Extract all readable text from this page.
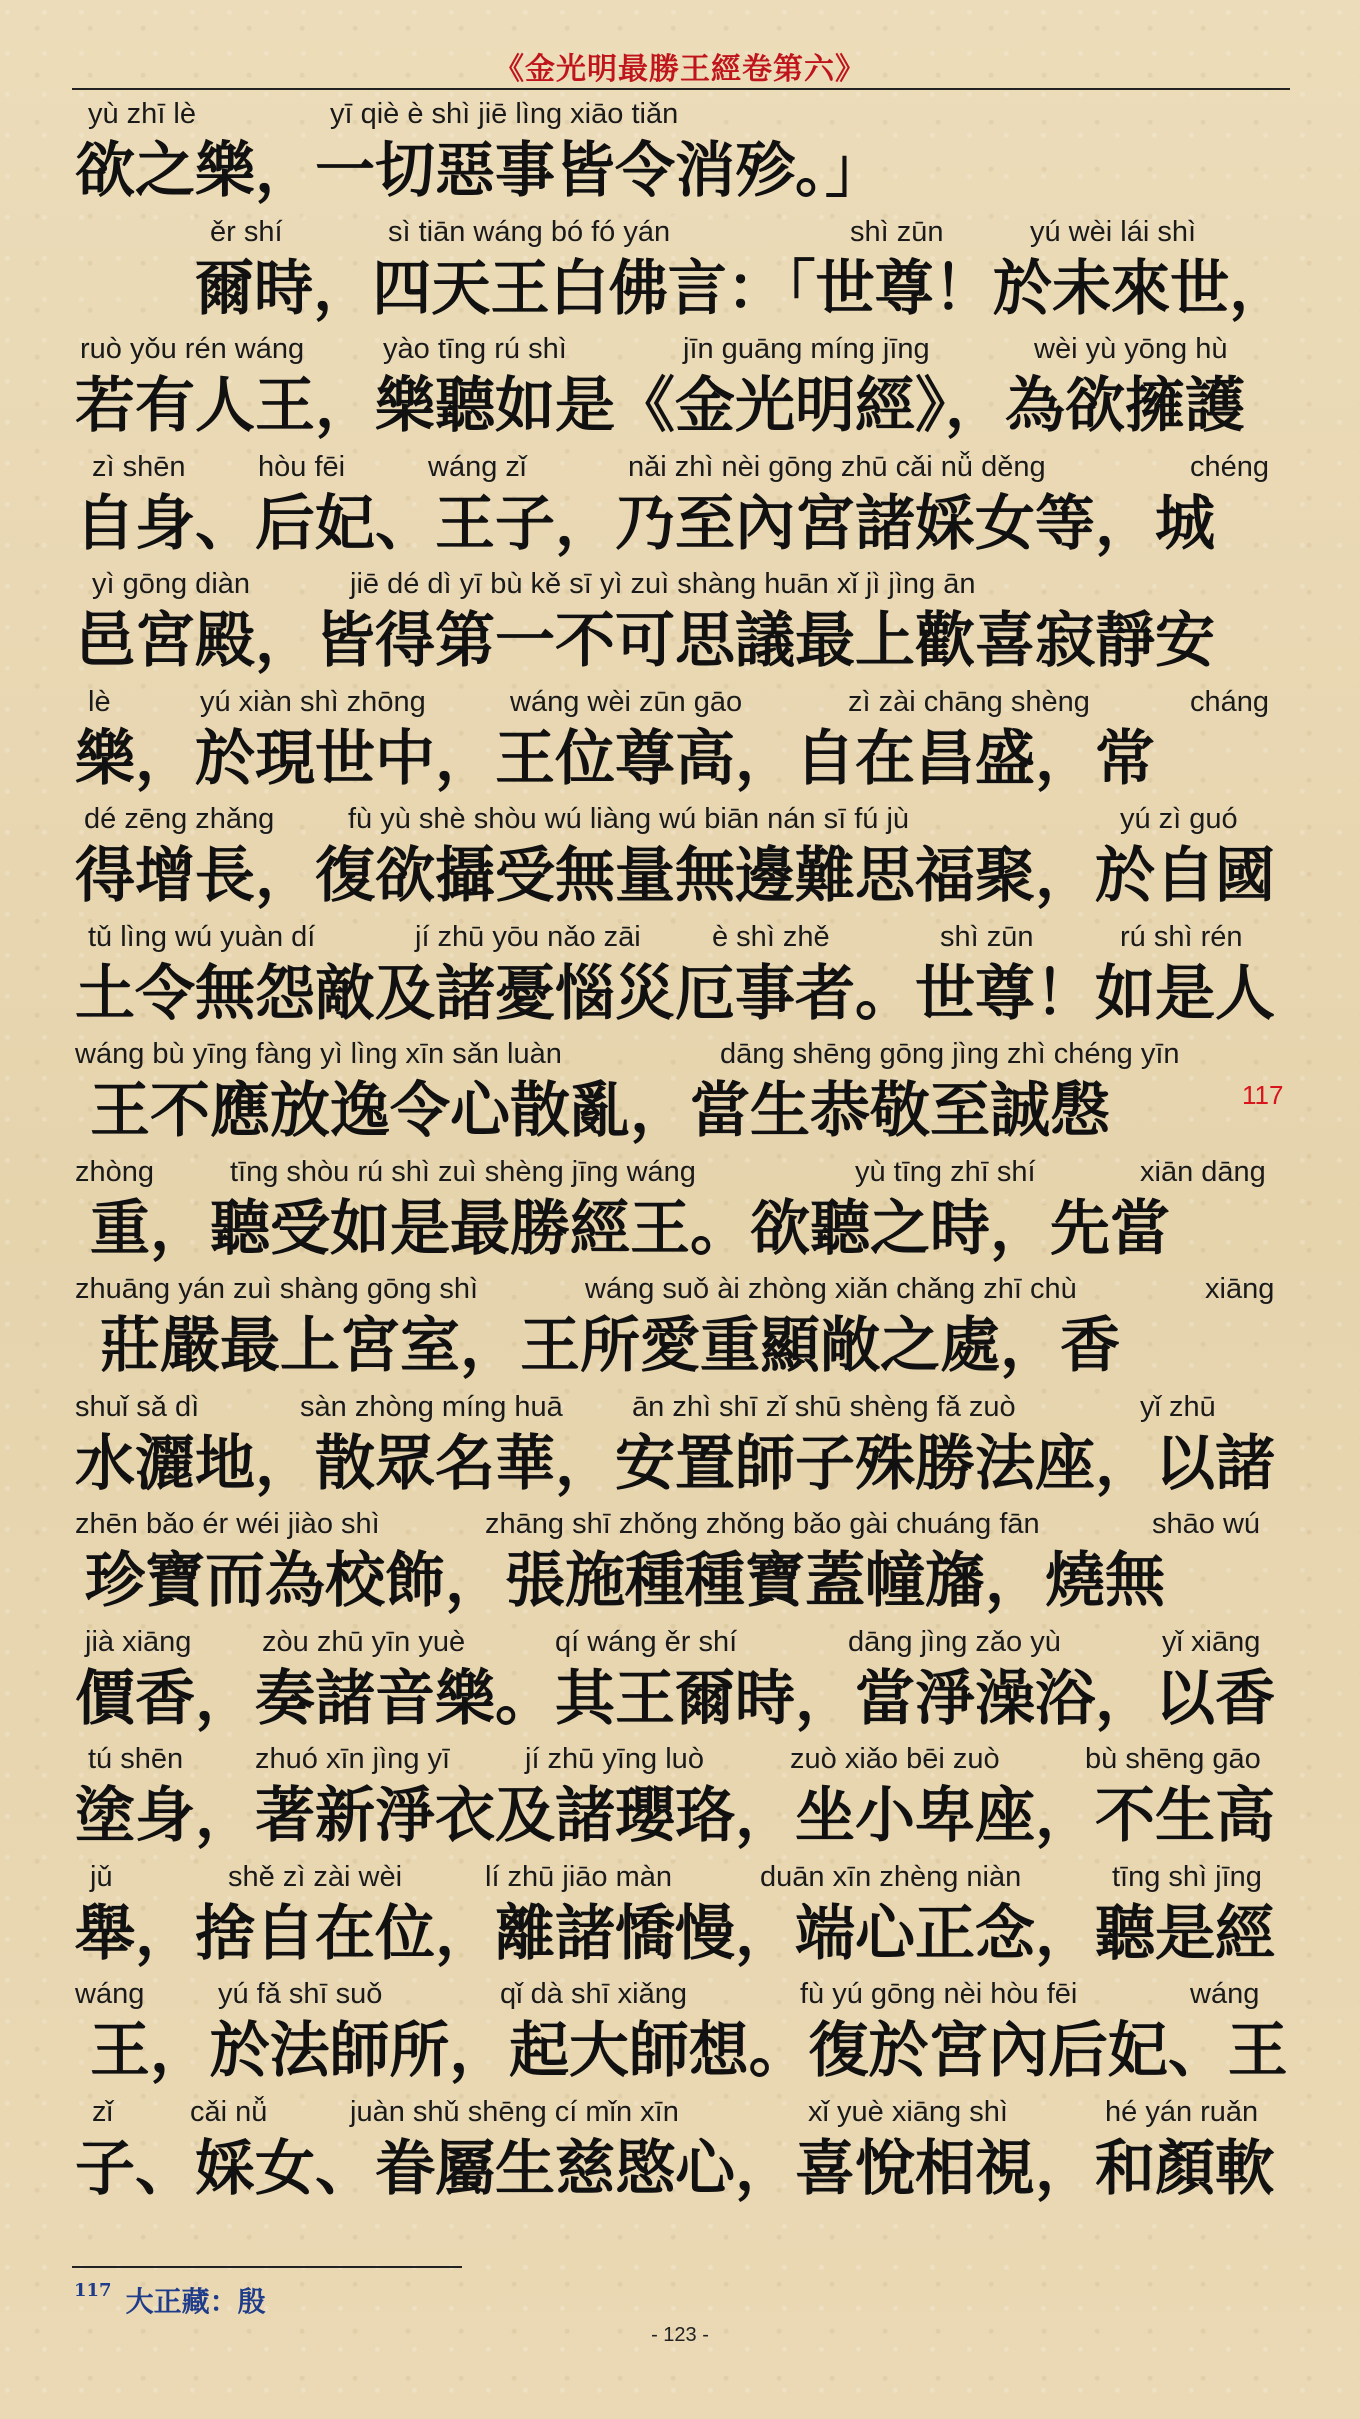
《金光明最勝王經卷第六》
yù zhī lè	yī qiè è shì jiē lìng xiāo tiǎn
欲之樂，一切惡事皆令消殄。」
ěr shí	sì tiān wáng bó fó yán	shì zūn	yú wèi lái shì
爾時，四天王白佛言：「世尊！於未來世，
ruò yǒu rén wáng	yào tīng rú shì	jīn guāng míng jīng	wèi yù yōng hù
若有人王，樂聽如是《金光明經》，為欲擁護
zì shēn	hòu fēi	wáng zǐ	nǎi zhì nèi gōng zhū cǎi nǚ děng	chéng
自身、后妃、王子，乃至內宮諸婇女等，城
yì gōng diàn	jiē dé dì yī bù kě sī yì zuì shàng huān xǐ jì jìng ān
邑宮殿，皆得第一不可思議最上歡喜寂靜安
lè	yú xiàn shì zhōng	wáng wèi zūn gāo	zì zài chāng shèng	cháng
樂，於現世中，王位尊高，自在昌盛，常
dé zēng zhǎng	fù yù shè shòu wú liàng wú biān nán sī fú jù	yú zì guó
得增長，復欲攝受無量無邊難思福聚，於自國
tǔ lìng wú yuàn dí	jí zhū yōu nǎo zāi è shì zhě	shì zūn	rú shì rén
土令無怨敵及諸憂惱災厄事者。世尊！如是人
wáng bù yīng fàng yì lìng xīn sǎn luàn	dāng shēng gōng jìng zhì chéng yīn
王不應放逸令心散亂，當生恭敬至誠慇	117
zhòng	tīng shòu rú shì zuì shèng jīng wáng	yù tīng zhī shí	xiān dāng
重，聽受如是最勝經王。欲聽之時，先當
zhuāng yán zuì shàng gōng shì	wáng suǒ ài zhòng xiǎn chǎng zhī chù	xiāng
莊嚴最上宮室，王所愛重顯敞之處，香
shuǐ sǎ dì	sàn zhòng míng huā ān zhì shī zǐ shū shèng fǎ zuò	yǐ zhū
水灑地，散眾名華，安置師子殊勝法座，以諸
zhēn bǎo ér wéi jiào shì	zhāng shī zhǒng zhǒng bǎo gài chuáng fān	shāo wú
珍寶而為校飾，張施種種寶蓋幢旛，燒無
jià xiāng zòu zhū yīn yuè	qí wáng ěr shí	dāng jìng zǎo yù	yǐ xiāng
價香，奏諸音樂。其王爾時，當淨澡浴，以香
tú shēn zhuó xīn jìng yī	jí zhū yīng luò	zuò xiǎo bēi zuò	bù shēng gāo
塗身，著新淨衣及諸瓔珞，坐小卑座，不生高
jǔ	shě zì zài wèi	lí zhū jiāo màn	duān xīn zhèng niàn	tīng shì jīng
舉，捨自在位，離諸憍慢，端心正念，聽是經
wáng	yú fǎ shī suǒ	qǐ dà shī xiǎng	fù yú gōng nèi hòu fēi	wáng
王，於法師所，起大師想。復於宮內后妃、王
zǐ	cǎi nǚ	juàn shǔ shēng cí mǐn xīn	xǐ yuè xiāng shì	hé yán ruǎn
子、婇女、眷屬生慈愍心，喜悅相視，和顏軟
$^{117}$ 大正藏：殷
- 123 -
